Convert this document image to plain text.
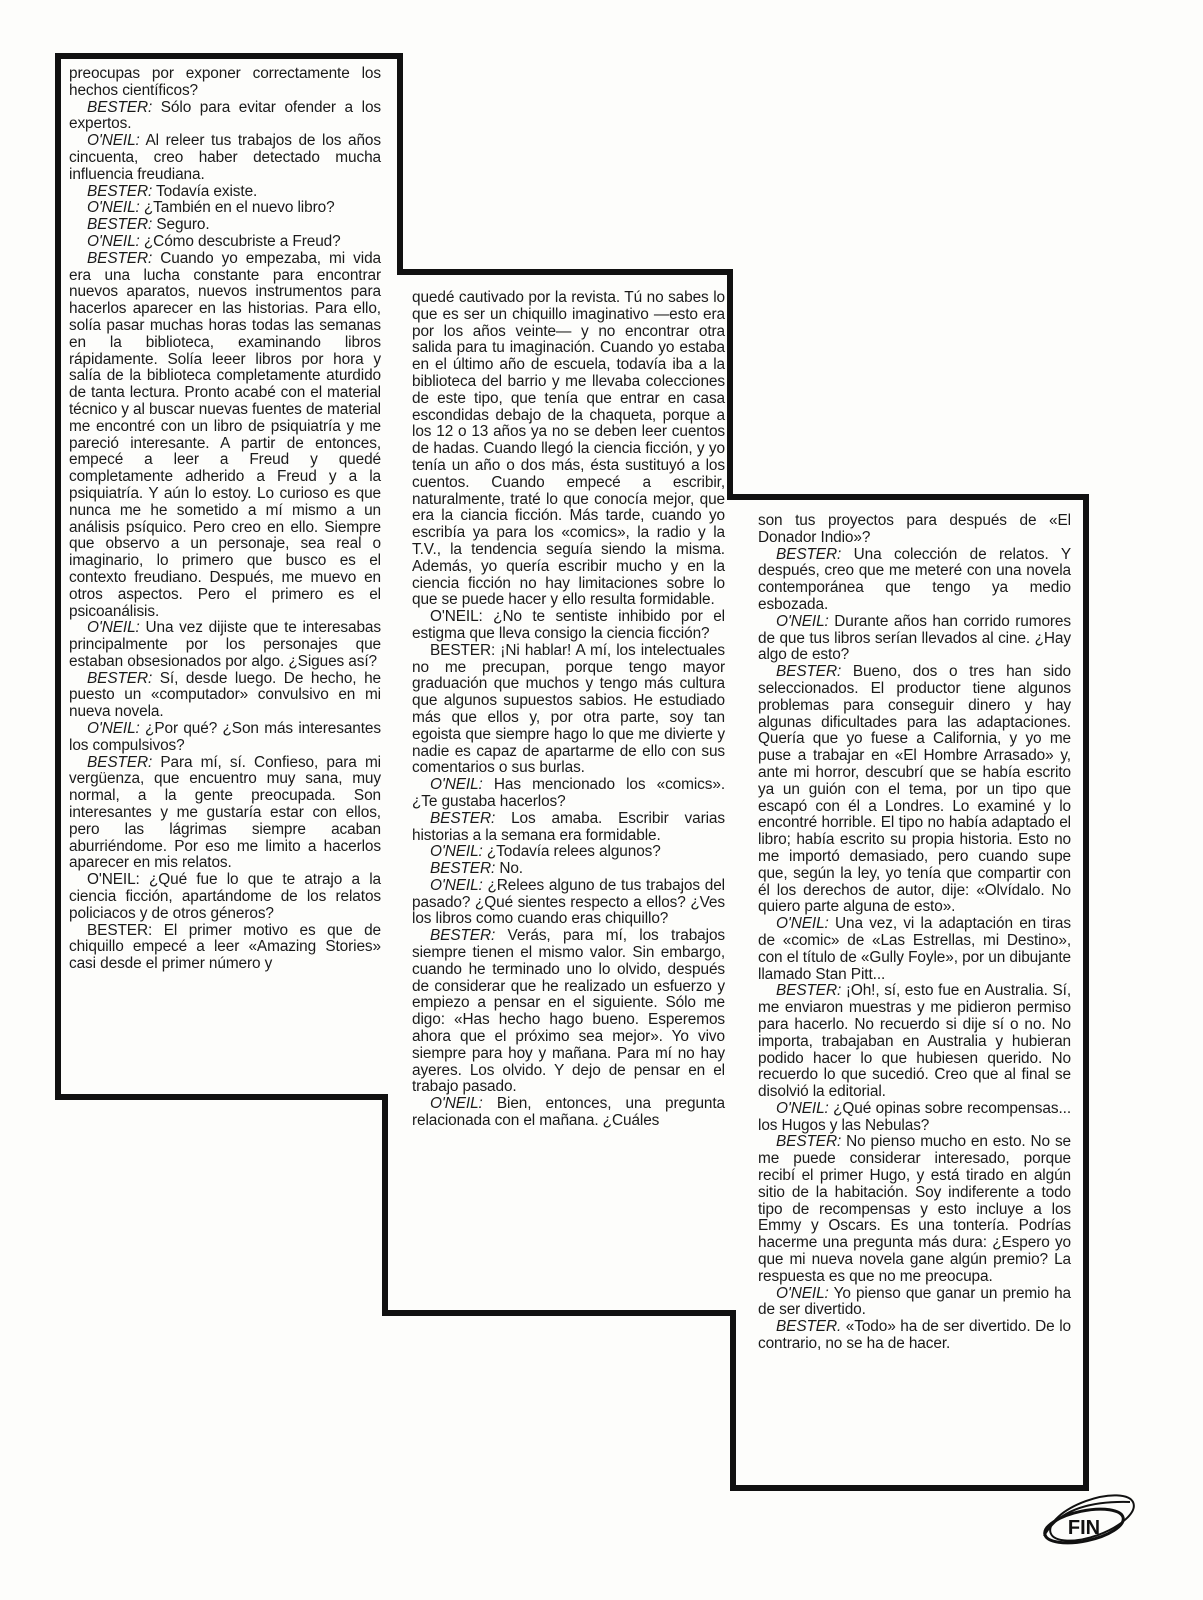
preocupas por exponer correctamente los hechos científicos?

BESTER: Sólo para evitar ofender a los expertos.

O'NEIL: Al releer tus trabajos de los años cincuenta, creo haber detectado mucha influencia freudiana.

BESTER: Todavía existe.

O'NEIL: ¿También en el nuevo libro?

BESTER: Seguro.

O'NEIL: ¿Cómo descubriste a Freud?

BESTER: Cuando yo empezaba, mi vida era una lucha constante para encontrar nuevos aparatos, nuevos instrumentos para hacerlos aparecer en las historias. Para ello, solía pasar muchas horas todas las semanas en la biblioteca, examinando libros rápidamente. Solía leeer libros por hora y salía de la biblioteca completamente aturdido de tanta lectura. Pronto acabé con el material técnico y al buscar nuevas fuentes de material me encontré con un libro de psiquiatría y me pareció interesante. A partir de entonces, empecé a leer a Freud y quedé completamente adherido a Freud y a la psiquiatría. Y aún lo estoy. Lo curioso es que nunca me he sometido a mí mismo a un análisis psíquico. Pero creo en ello. Siempre que observo a un personaje, sea real o imaginario, lo primero que busco es el contexto freudiano. Después, me muevo en otros aspectos. Pero el primero es el psicoanálisis.

O'NEIL: Una vez dijiste que te interesabas principalmente por los personajes que estaban obsesionados por algo. ¿Sigues así?

BESTER: Sí, desde luego. De hecho, he puesto un «computador» convulsivo en mi nueva novela.

O'NEIL: ¿Por qué? ¿Son más interesantes los compulsivos?

BESTER: Para mí, sí. Confieso, para mi vergüenza, que encuentro muy sana, muy normal, a la gente preocupada. Son interesantes y me gustaría estar con ellos, pero las lágrimas siempre acaban aburriéndome. Por eso me limito a hacerlos aparecer en mis relatos.

O'NEIL: ¿Qué fue lo que te atrajo a la ciencia ficción, apartándome de los relatos policiacos y de otros géneros?

BESTER: El primer motivo es que de chiquillo empecé a leer «Amazing Stories» casi desde el primer número y

quedé cautivado por la revista. Tú no sabes lo que es ser un chiquillo imaginativo —esto era por los años veinte— y no encontrar otra salida para tu imaginación. Cuando yo estaba en el último año de escuela, todavía iba a la biblioteca del barrio y me llevaba colecciones de este tipo, que tenía que entrar en casa escondidas debajo de la chaqueta, porque a los 12 o 13 años ya no se deben leer cuentos de hadas. Cuando llegó la ciencia ficción, y yo tenía un año o dos más, ésta sustituyó a los cuentos. Cuando empecé a escribir, naturalmente, traté lo que conocía mejor, que era la ciancia ficción. Más tarde, cuando yo escribía ya para los «comics», la radio y la T.V., la tendencia seguía siendo la misma. Además, yo quería escribir mucho y en la ciencia ficción no hay limitaciones sobre lo que se puede hacer y ello resulta formidable.

O'NEIL: ¿No te sentiste inhibido por el estigma que lleva consigo la ciencia ficción?

BESTER: ¡Ni hablar! A mí, los intelectuales no me precupan, porque tengo mayor graduación que muchos y tengo más cultura que algunos supuestos sabios. He estudiado más que ellos y, por otra parte, soy tan egoista que siempre hago lo que me divierte y nadie es capaz de apartarme de ello con sus comentarios o sus burlas.

O'NEIL: Has mencionado los «comics». ¿Te gustaba hacerlos?

BESTER: Los amaba. Escribir varias historias a la semana era formidable.

O'NEIL: ¿Todavía relees algunos?

BESTER: No.

O'NEIL: ¿Relees alguno de tus trabajos del pasado? ¿Qué sientes respecto a ellos? ¿Ves los libros como cuando eras chiquillo?

BESTER: Verás, para mí, los trabajos siempre tienen el mismo valor. Sin embargo, cuando he terminado uno lo olvido, después de considerar que he realizado un esfuerzo y empiezo a pensar en el siguiente. Sólo me digo: «Has hecho hago bueno. Esperemos ahora que el próximo sea mejor». Yo vivo siempre para hoy y mañana. Para mí no hay ayeres. Los olvido. Y dejo de pensar en el trabajo pasado.

O'NEIL: Bien, entonces, una pregunta relacionada con el mañana. ¿Cuáles

son tus proyectos para después de «El Donador Indio»?

BESTER: Una colección de relatos. Y después, creo que me meteré con una novela contemporánea que tengo ya medio esbozada.

O'NEIL: Durante años han corrido rumores de que tus libros serían llevados al cine. ¿Hay algo de esto?

BESTER: Bueno, dos o tres han sido seleccionados. El productor tiene algunos problemas para conseguir dinero y hay algunas dificultades para las adaptaciones. Quería que yo fuese a California, y yo me puse a trabajar en «El Hombre Arrasado» y, ante mi horror, descubrí que se había escrito ya un guión con el tema, por un tipo que escapó con él a Londres. Lo examiné y lo encontré horrible. El tipo no había adaptado el libro; había escrito su propia historia. Esto no me importó demasiado, pero cuando supe que, según la ley, yo tenía que compartir con él los derechos de autor, dije: «Olvídalo. No quiero parte alguna de esto».

O'NEIL: Una vez, vi la adaptación en tiras de «comic» de «Las Estrellas, mi Destino», con el título de «Gully Foyle», por un dibujante llamado Stan Pitt...

BESTER: ¡Oh!, sí, esto fue en Australia. Sí, me enviaron muestras y me pidieron permiso para hacerlo. No recuerdo si dije sí o no. No importa, trabajaban en Australia y hubieran podido hacer lo que hubiesen querido. No recuerdo lo que sucedió. Creo que al final se disolvió la editorial.

O'NEIL: ¿Qué opinas sobre recompensas... los Hugos y las Nebulas?

BESTER: No pienso mucho en esto. No se me puede considerar interesado, porque recibí el primer Hugo, y está tirado en algún sitio de la habitación. Soy indiferente a todo tipo de recompensas y esto incluye a los Emmy y Oscars. Es una tontería. Podrías hacerme una pregunta más dura: ¿Espero yo que mi nueva novela gane algún premio? La respuesta es que no me preocupa.

O'NEIL: Yo pienso que ganar un premio ha de ser divertido.

BESTER. «Todo» ha de ser divertido. De lo contrario, no se ha de hacer.

FIN
